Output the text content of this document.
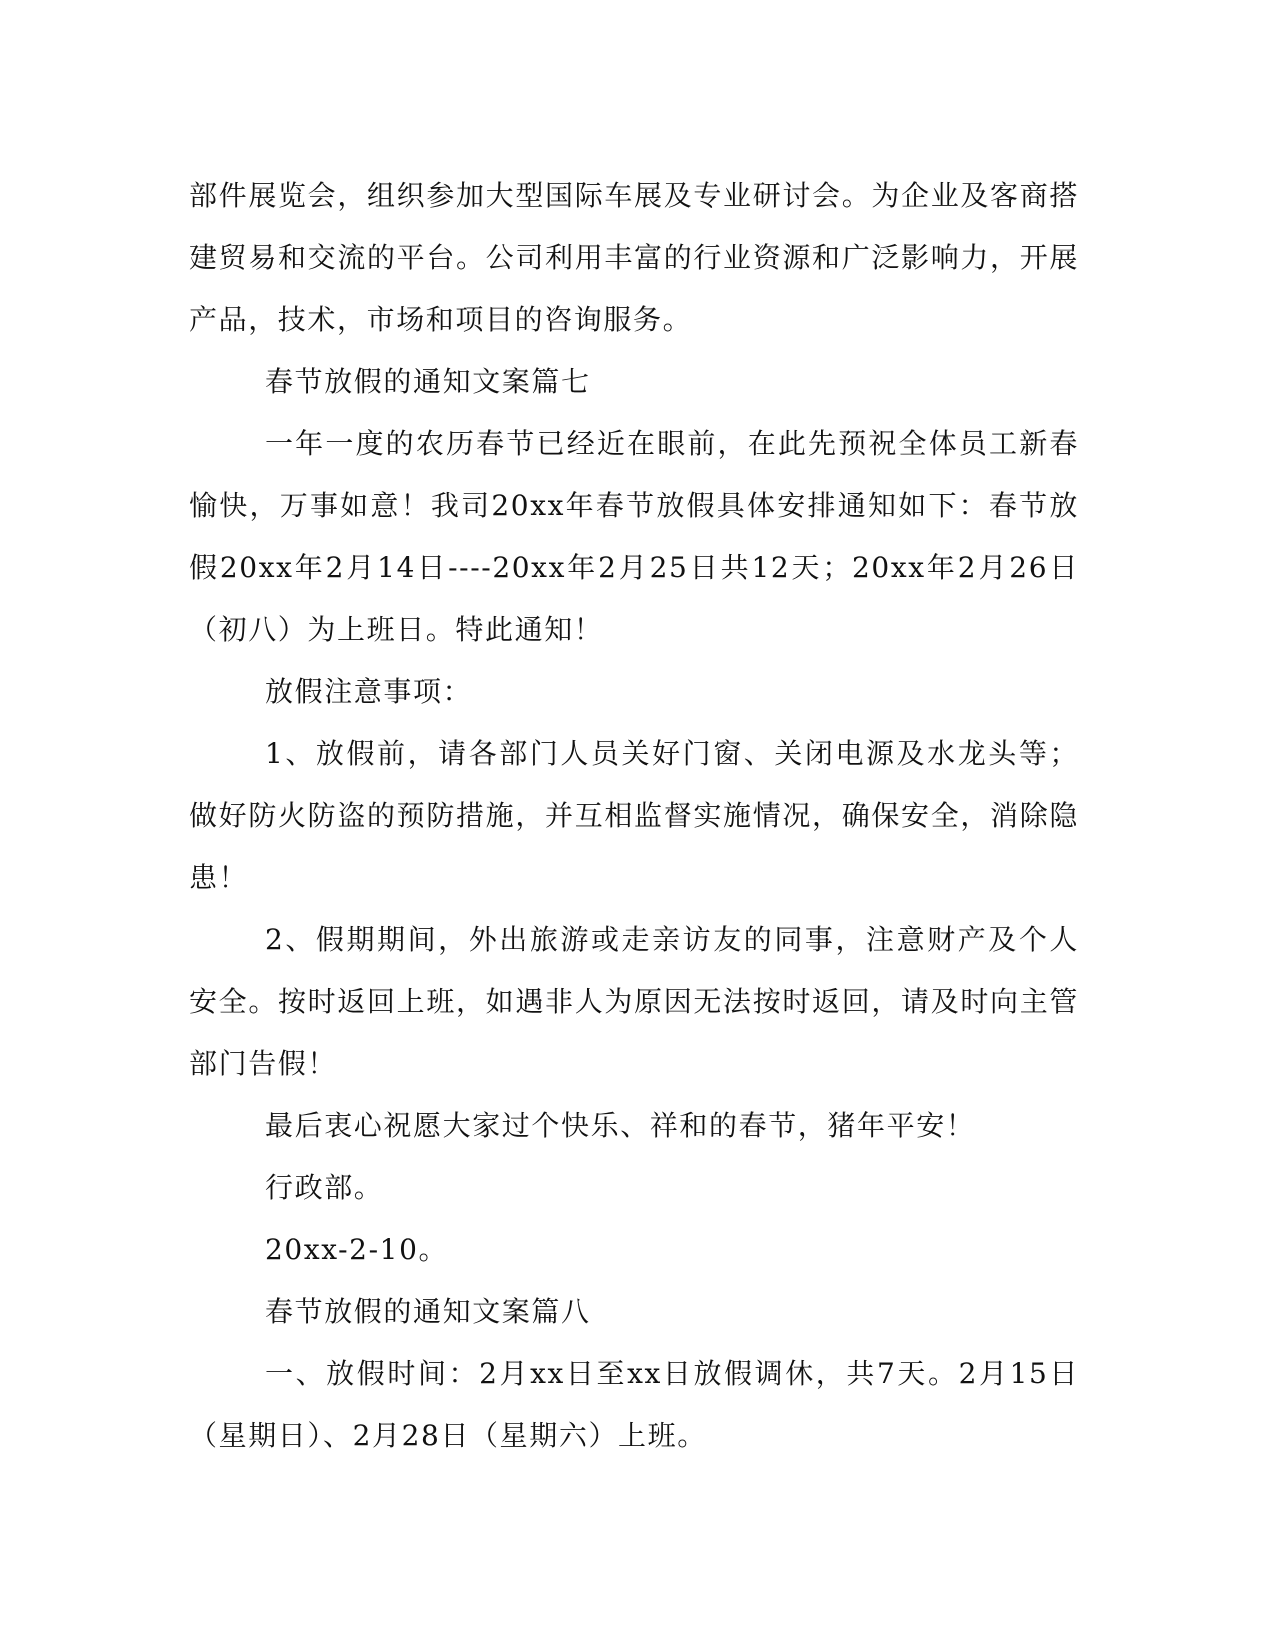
部件展览会，组织参加大型国际车展及专业研讨会。为企业及客商搭建贸易和交流的平台。公司利用丰富的行业资源和广泛影响力，开展产品，技术，市场和项目的咨询服务。

春节放假的通知文案篇七

一年一度的农历春节已经近在眼前，在此先预祝全体员工新春愉快，万事如意！我司20xx年春节放假具体安排通知如下：春节放假20xx年2月14日----20xx年2月25日共12天；20xx年2月26日（初八）为上班日。特此通知！

放假注意事项：

1、放假前，请各部门人员关好门窗、关闭电源及水龙头等；做好防火防盗的预防措施，并互相监督实施情况，确保安全，消除隐患！

2、假期期间，外出旅游或走亲访友的同事，注意财产及个人安全。按时返回上班，如遇非人为原因无法按时返回，请及时向主管部门告假！

最后衷心祝愿大家过个快乐、祥和的春节，猪年平安！

行政部。

20xx-2-10。

春节放假的通知文案篇八

一、放假时间：2月xx日至xx日放假调休，共7天。2月15日（星期日）、2月28日（星期六）上班。
